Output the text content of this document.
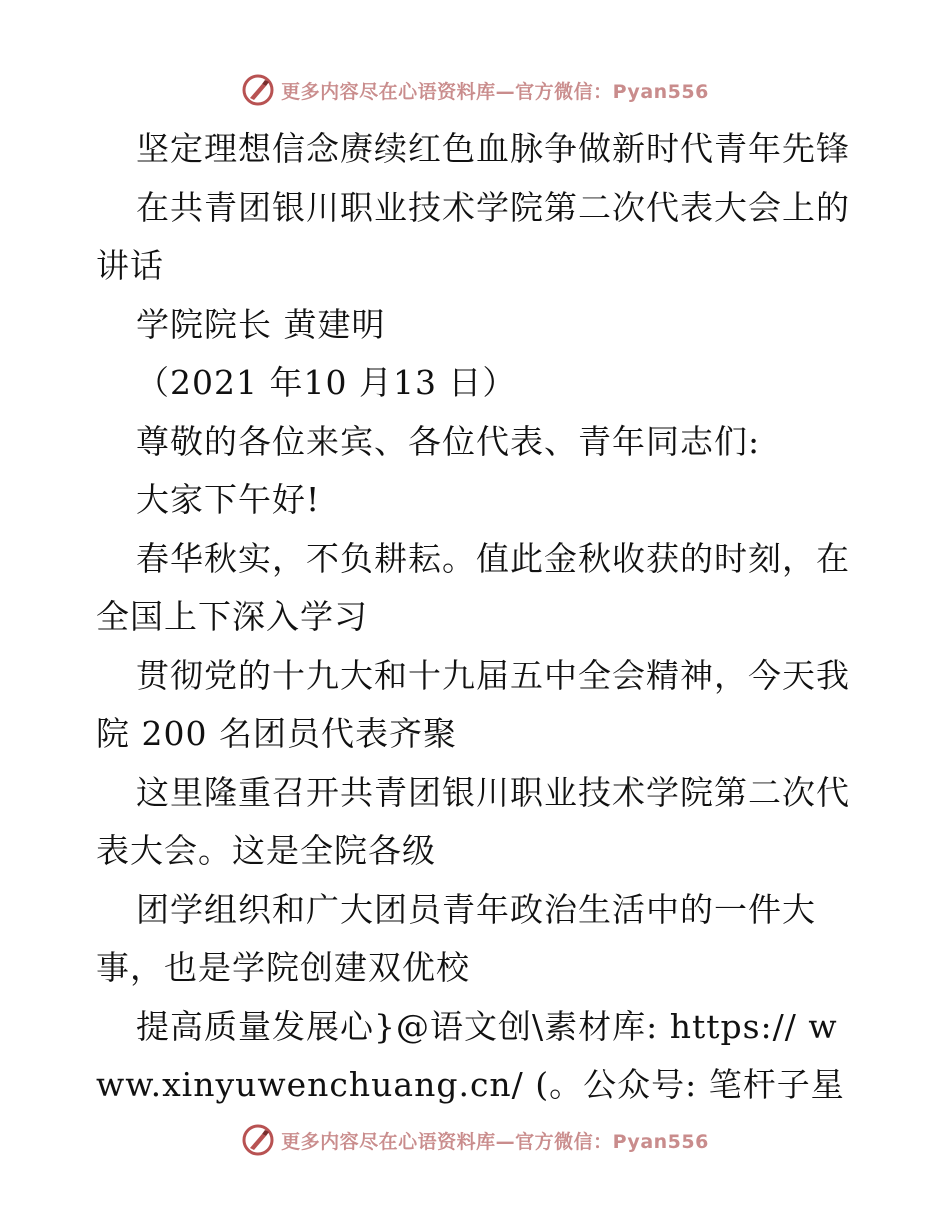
更多内容尽在心语资料库—官方微信：Pyan556

坚定理想信念赓续红色血脉争做新时代青年先锋

在共青团银川职业技术学院第二次代表大会上的讲话

学院院长 黄建明

（2021 年10 月13 日）

尊敬的各位来宾、各位代表、青年同志们:

大家下午好!

春华秋实，不负耕耘。值此金秋收获的时刻，在全国上下深入学习

贯彻党的十九大和十九届五中全会精神，今天我院 200 名团员代表齐聚

这里隆重召开共青团银川职业技术学院第二次代表大会。这是全院各级

团学组织和广大团员青年政治生活中的一件大事，也是学院创建双优校

提高质量发展心}@语文创\素材库: https:// www.xinyuwenchuang.cn/ (。公众号: 笔杆子星

更多内容尽在心语资料库—官方微信：Pyan556
